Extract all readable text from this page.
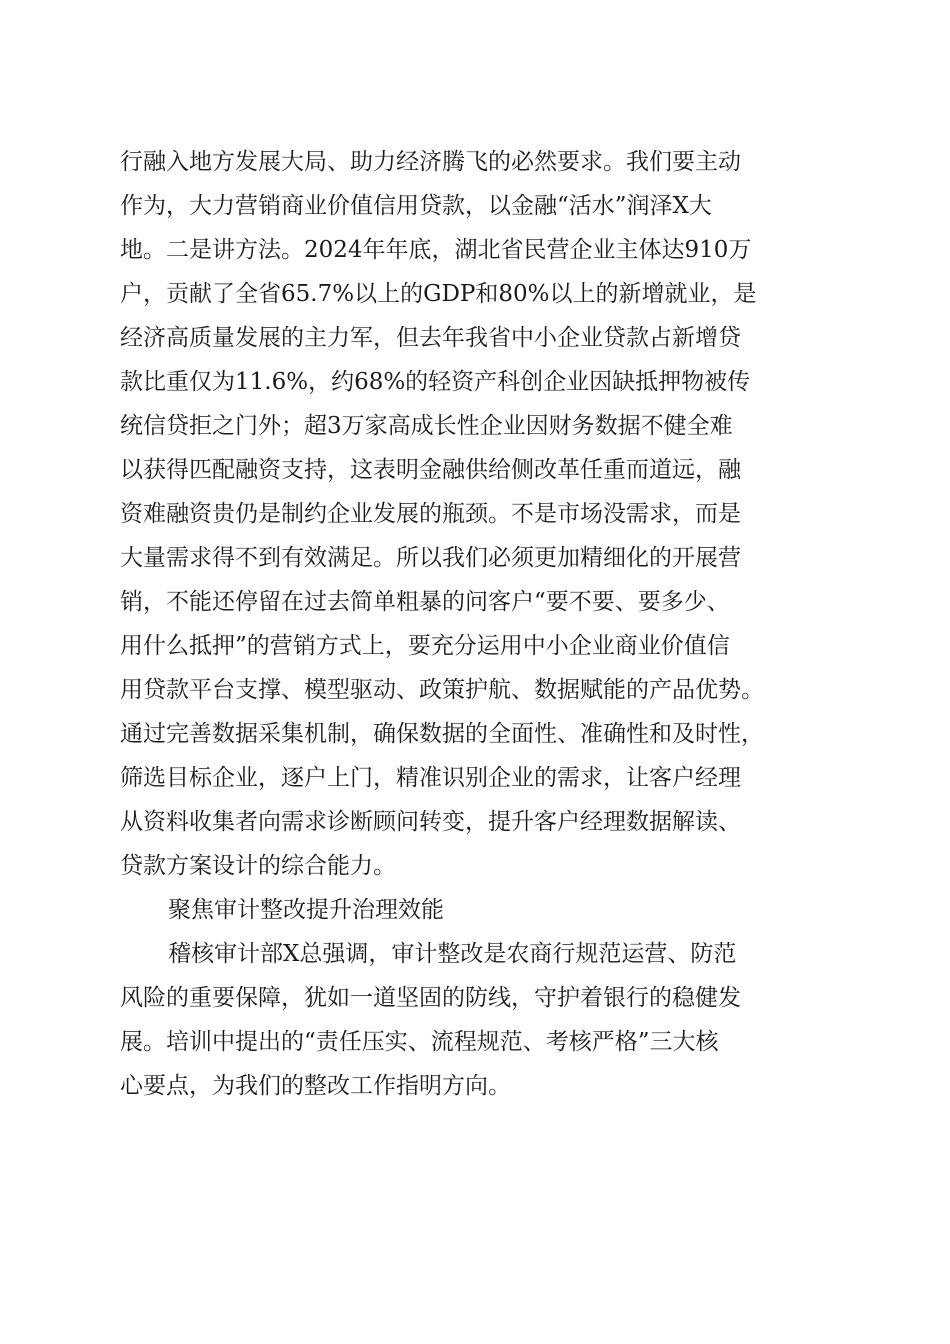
行融入地方发展大局、助力经济腾飞的必然要求。我们要主动

作为，大力营销商业价值信用贷款，以金融“活水”润泽X大

地。二是讲方法。2024年年底，湖北省民营企业主体达910万

户，贡献了全省65.7%以上的GDP和80%以上的新增就业，是

经济高质量发展的主力军，但去年我省中小企业贷款占新增贷

款比重仅为11.6%，约68%的轻资产科创企业因缺抵押物被传

统信贷拒之门外；超3万家高成长性企业因财务数据不健全难

以获得匹配融资支持，这表明金融供给侧改革任重而道远，融

资难融资贵仍是制约企业发展的瓶颈。不是市场没需求，而是

大量需求得不到有效满足。所以我们必须更加精细化的开展营

销，不能还停留在过去简单粗暴的问客户“要不要、要多少、

用什么抵押”的营销方式上，要充分运用中小企业商业价值信

用贷款平台支撑、模型驱动、政策护航、数据赋能的产品优势。

通过完善数据采集机制，确保数据的全面性、准确性和及时性，

筛选目标企业，逐户上门，精准识别企业的需求，让客户经理

从资料收集者向需求诊断顾问转变，提升客户经理数据解读、

贷款方案设计的综合能力。

聚焦审计整改提升治理效能

稽核审计部X总强调，审计整改是农商行规范运营、防范

风险的重要保障，犹如一道坚固的防线，守护着银行的稳健发

展。培训中提出的“责任压实、流程规范、考核严格”三大核

心要点，为我们的整改工作指明方向。
